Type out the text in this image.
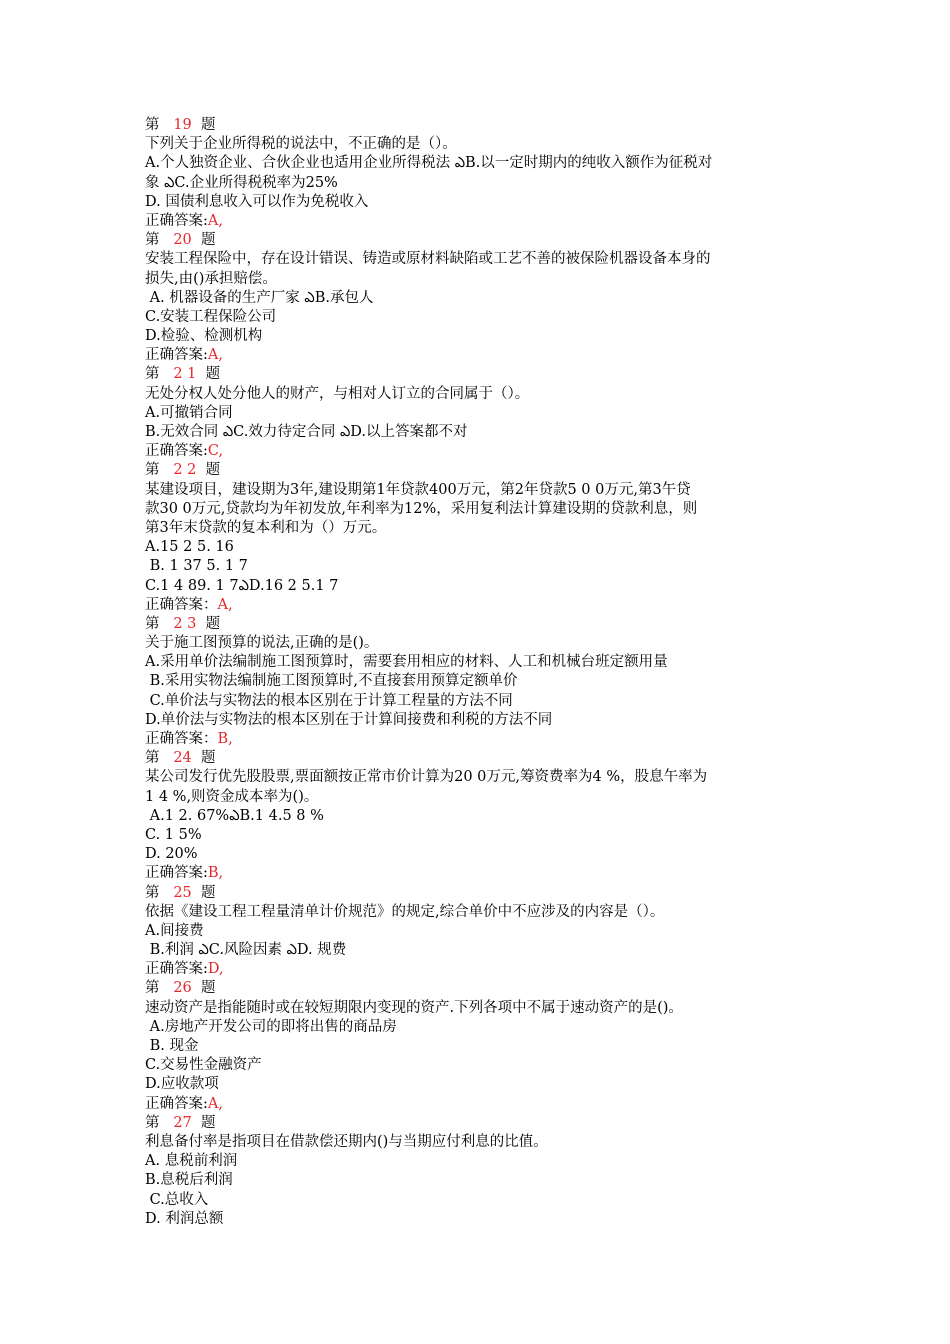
第 19 题
下列关于企业所得税的说法中，不正确的是（）。
A.个人独资企业、合伙企业也适用企业所得税法 ఎB.以一定时期内的纯收入额作为征税对
象 ఎC.企业所得税税率为25%
D. 国债利息收入可以作为免税收入
正确答案:A,
第 20 题
安装工程保险中，存在设计错误、铸造或原材料缺陷或工艺不善的被保险机器设备本身的
损失,由()承担赔偿。
A. 机器设备的生产厂家 ఎB.承包人
C.安装工程保险公司
D.检验、检测机构
正确答案:A,
第 2 1 题
无处分权人处分他人的财产，与相对人订立的合同属于（）。
A.可撤销合同
B.无效合同 ఎC.效力待定合同 ఎD.以上答案都不对
正确答案:C,
第 2 2 题
某建设项目，建设期为3年,建设期第1年贷款400万元，第2年贷款5 0 0万元,第3午贷
款30 0万元,贷款均为年初发放,年利率为12%，采用复利法计算建设期的贷款利息，则
第3年末贷款的复本利和为（）万元。
A.15 2 5. 16
B. 1 37 5. 1 7
C.1 4 89. 1 7ఎD.16 2 5.1 7
正确答案：A,
第 2 3 题
关于施工图预算的说法,正确的是()。
A.采用单价法编制施工图预算时，需要套用相应的材料、人工和机械台班定额用量
B.采用实物法编制施工图预算时,不直接套用预算定额单价
C.单价法与实物法的根本区别在于计算工程量的方法不同
D.单价法与实物法的根本区别在于计算间接费和利税的方法不同
正确答案：B,
第 24 题
某公司发行优先股股票,票面额按正常市价计算为20 0万元,筹资费率为4 %，股息午率为
1 4 %,则资金成本率为()。
A.1 2. 67%ఎB.1 4.5 8 %
C. 1 5%
D. 20%
正确答案:B,
第 25 题
依据《建设工程工程量清单计价规范》的规定,综合单价中不应涉及的内容是（）。
A.间接费
B.利润 ఎC.风险因素 ఎD. 规费
正确答案:D,
第 26 题
速动资产是指能随时或在较短期限内变现的资产.下列各项中不属于速动资产的是()。
A.房地产开发公司的即将出售的商品房
B. 现金
C.交易性金融资产
D.应收款项
正确答案:A,
第 27 题
利息备付率是指项目在借款偿还期内()与当期应付利息的比值。
A. 息税前利润
B.息税后利润
C.总收入
D. 利润总额
